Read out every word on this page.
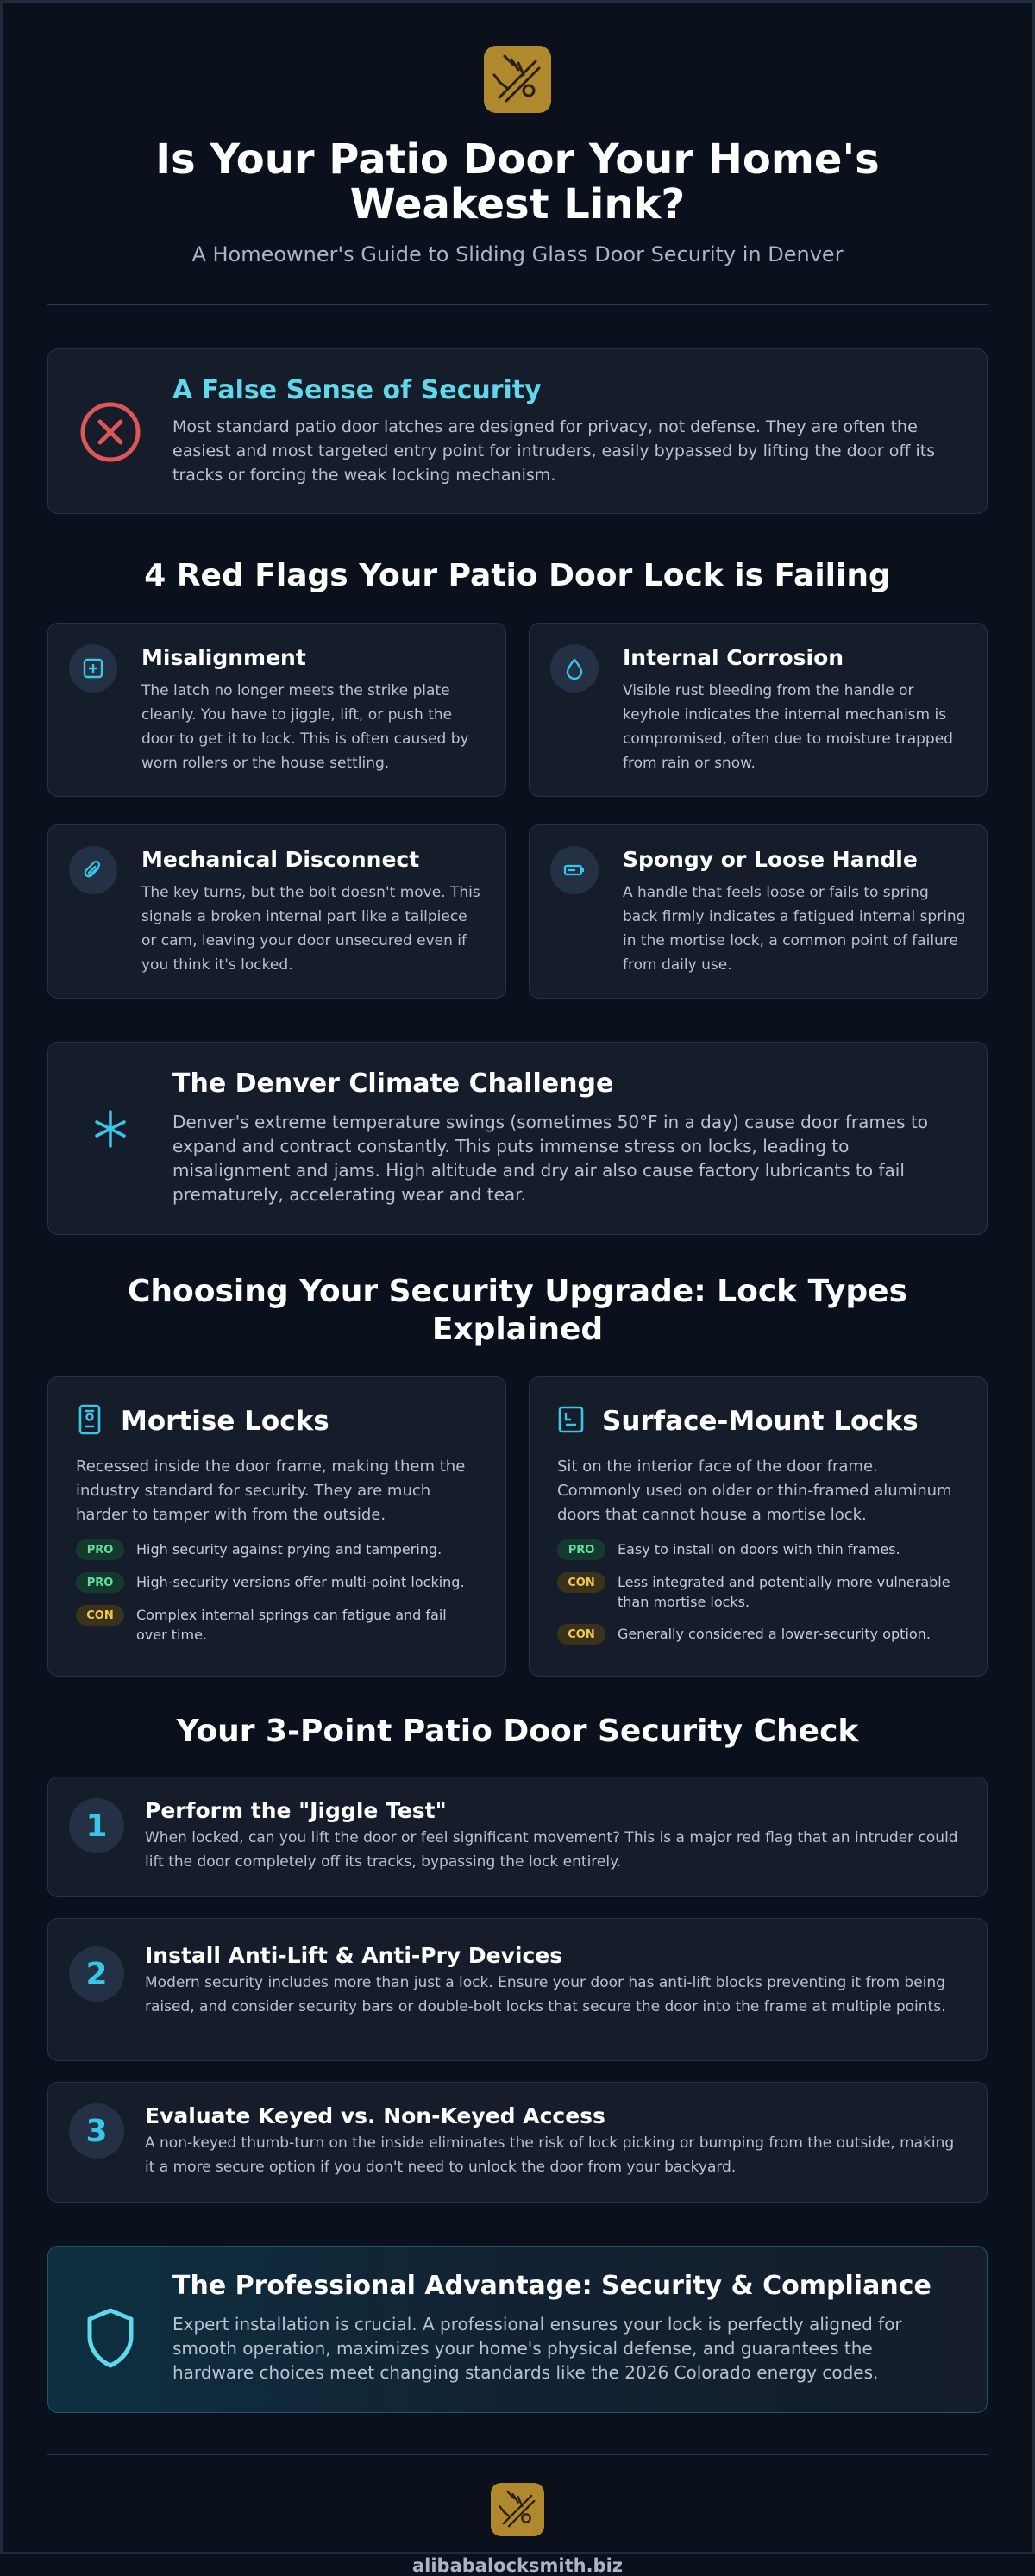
Is Your Patio Door Your Home's Weakest Link?
A Homeowner's Guide to Sliding Glass Door Security in Denver
A False Sense of Security
Most standard patio door latches are designed for privacy, not defense. They are often the easiest and most targeted entry point for intruders, easily bypassed by lifting the door off its tracks or forcing the weak locking mechanism.
4 Red Flags Your Patio Door Lock is Failing
Misalignment
The latch no longer meets the strike plate cleanly. You have to jiggle, lift, or push the door to get it to lock. This is often caused by worn rollers or the house settling.
Internal Corrosion
Visible rust bleeding from the handle or keyhole indicates the internal mechanism is compromised, often due to moisture trapped from rain or snow.
Mechanical Disconnect
The key turns, but the bolt doesn't move. This signals a broken internal part like a tailpiece or cam, leaving your door unsecured even if you think it's locked.
Spongy or Loose Handle
A handle that feels loose or fails to spring back firmly indicates a fatigued internal spring in the mortise lock, a common point of failure from daily use.
The Denver Climate Challenge
Denver's extreme temperature swings (sometimes 50°F in a day) cause door frames to expand and contract constantly. This puts immense stress on locks, leading to misalignment and jams. High altitude and dry air also cause factory lubricants to fail prematurely, accelerating wear and tear.
Choosing Your Security Upgrade: Lock Types Explained
Mortise Locks
Recessed inside the door frame, making them the industry standard for security. They are much harder to tamper with from the outside.
PRO	High security against prying and tampering.
PRO	High-security versions offer multi-point locking.
CON	Complex internal springs can fatigue and fail over time.
Surface-Mount Locks
Sit on the interior face of the door frame. Commonly used on older or thin-framed aluminum doors that cannot house a mortise lock.
PRO	Easy to install on doors with thin frames.
CON	Less integrated and potentially more vulnerable than mortise locks.
CON	Generally considered a lower-security option.
Your 3-Point Patio Door Security Check
1	Perform the "Jiggle Test"
When locked, can you lift the door or feel significant movement? This is a major red flag that an intruder could lift the door completely off its tracks, bypassing the lock entirely.
2
Install Anti-Lift & Anti-Pry Devices
Modern security includes more than just a lock. Ensure your door has anti-lift blocks preventing it from being raised, and consider security bars or double-bolt locks that secure the door into the frame at multiple points.
3	Evaluate Keyed vs. Non-Keyed Access
A non-keyed thumb-turn on the inside eliminates the risk of lock picking or bumping from the outside, making it a more secure option if you don't need to unlock the door from your backyard.
The Professional Advantage: Security & Compliance
Expert installation is crucial. A professional ensures your lock is perfectly aligned for smooth operation, maximizes your home's physical defense, and guarantees the hardware choices meet changing standards like the 2026 Colorado energy codes.
alibabalocksmith.biz
